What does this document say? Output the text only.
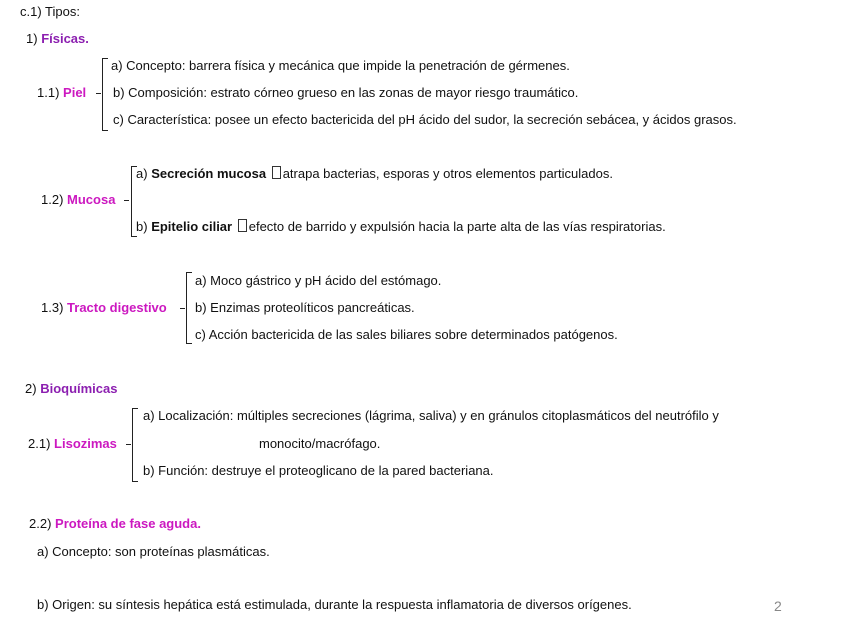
c.1) Tipos:
1) Físicas.
1.1) Piel
a) Concepto: barrera física y mecánica que impide la penetración de gérmenes.
b) Composición: estrato córneo grueso en las zonas de mayor riesgo traumático.
c) Característica: posee un efecto bactericida del pH ácido del sudor, la secreción sebácea, y ácidos grasos.
1.2) Mucosa
a) Secreción mucosa atrapa bacterias, esporas y otros elementos particulados.
b) Epitelio ciliar efecto de barrido y expulsión hacia la parte alta de las vías respiratorias.
1.3) Tracto digestivo
a) Moco gástrico y pH ácido del estómago.
b) Enzimas proteolíticos pancreáticas.
c) Acción bactericida de las sales biliares sobre determinados patógenos.
2) Bioquímicas
2.1) Lisozimas
a) Localización: múltiples secreciones (lágrima, saliva) y en gránulos citoplasmáticos del neutrófilo y
monocito/macrófago.
b) Función: destruye el proteoglicano de la pared bacteriana.
2.2) Proteína de fase aguda.
a) Concepto: son proteínas plasmáticas.
b) Origen: su síntesis hepática está estimulada, durante la respuesta inflamatoria de diversos orígenes.	2
